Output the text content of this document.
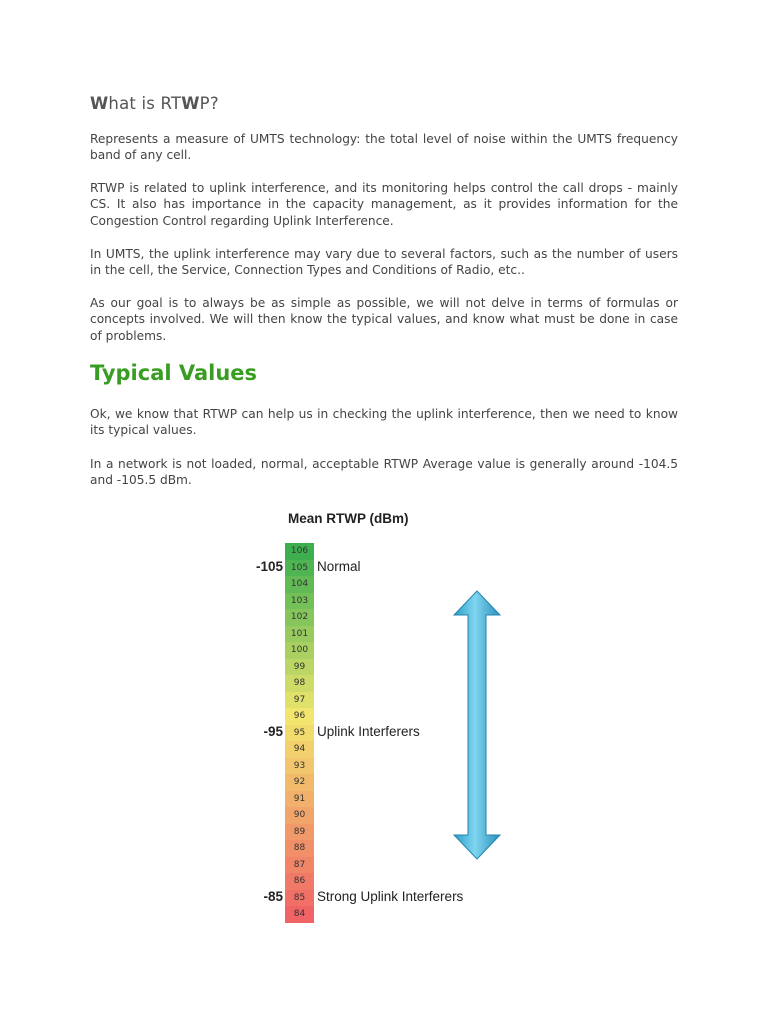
What is RTWP?

Represents a measure of UMTS technology: the total level of noise within the UMTS frequency band of any cell.

RTWP is related to uplink interference, and its monitoring helps control the call drops - mainly CS. It also has importance in the capacity management, as it provides information for the Congestion Control regarding Uplink Interference.

In UMTS, the uplink interference may vary due to several factors, such as the number of users in the cell, the Service, Connection Types and Conditions of Radio, etc..

As our goal is to always be as simple as possible, we will not delve in terms of formulas or concepts involved. We will then know the typical values, and know what must be done in case of problems.

Typical Values

Ok, we know that RTWP can help us in checking the uplink interference, then we need to know its typical values.

In a network is not loaded, normal, acceptable RTWP Average value is generally around -104.5 and -105.5 dBm.

Mean RTWP (dBm)
106
105
104
103
102
101
100
99
98
97
96
95
94
93
92
91
90
89
88
87
86
85
84
-105	Normal
-95	Uplink Interferers
-85	Strong Uplink Interferers
